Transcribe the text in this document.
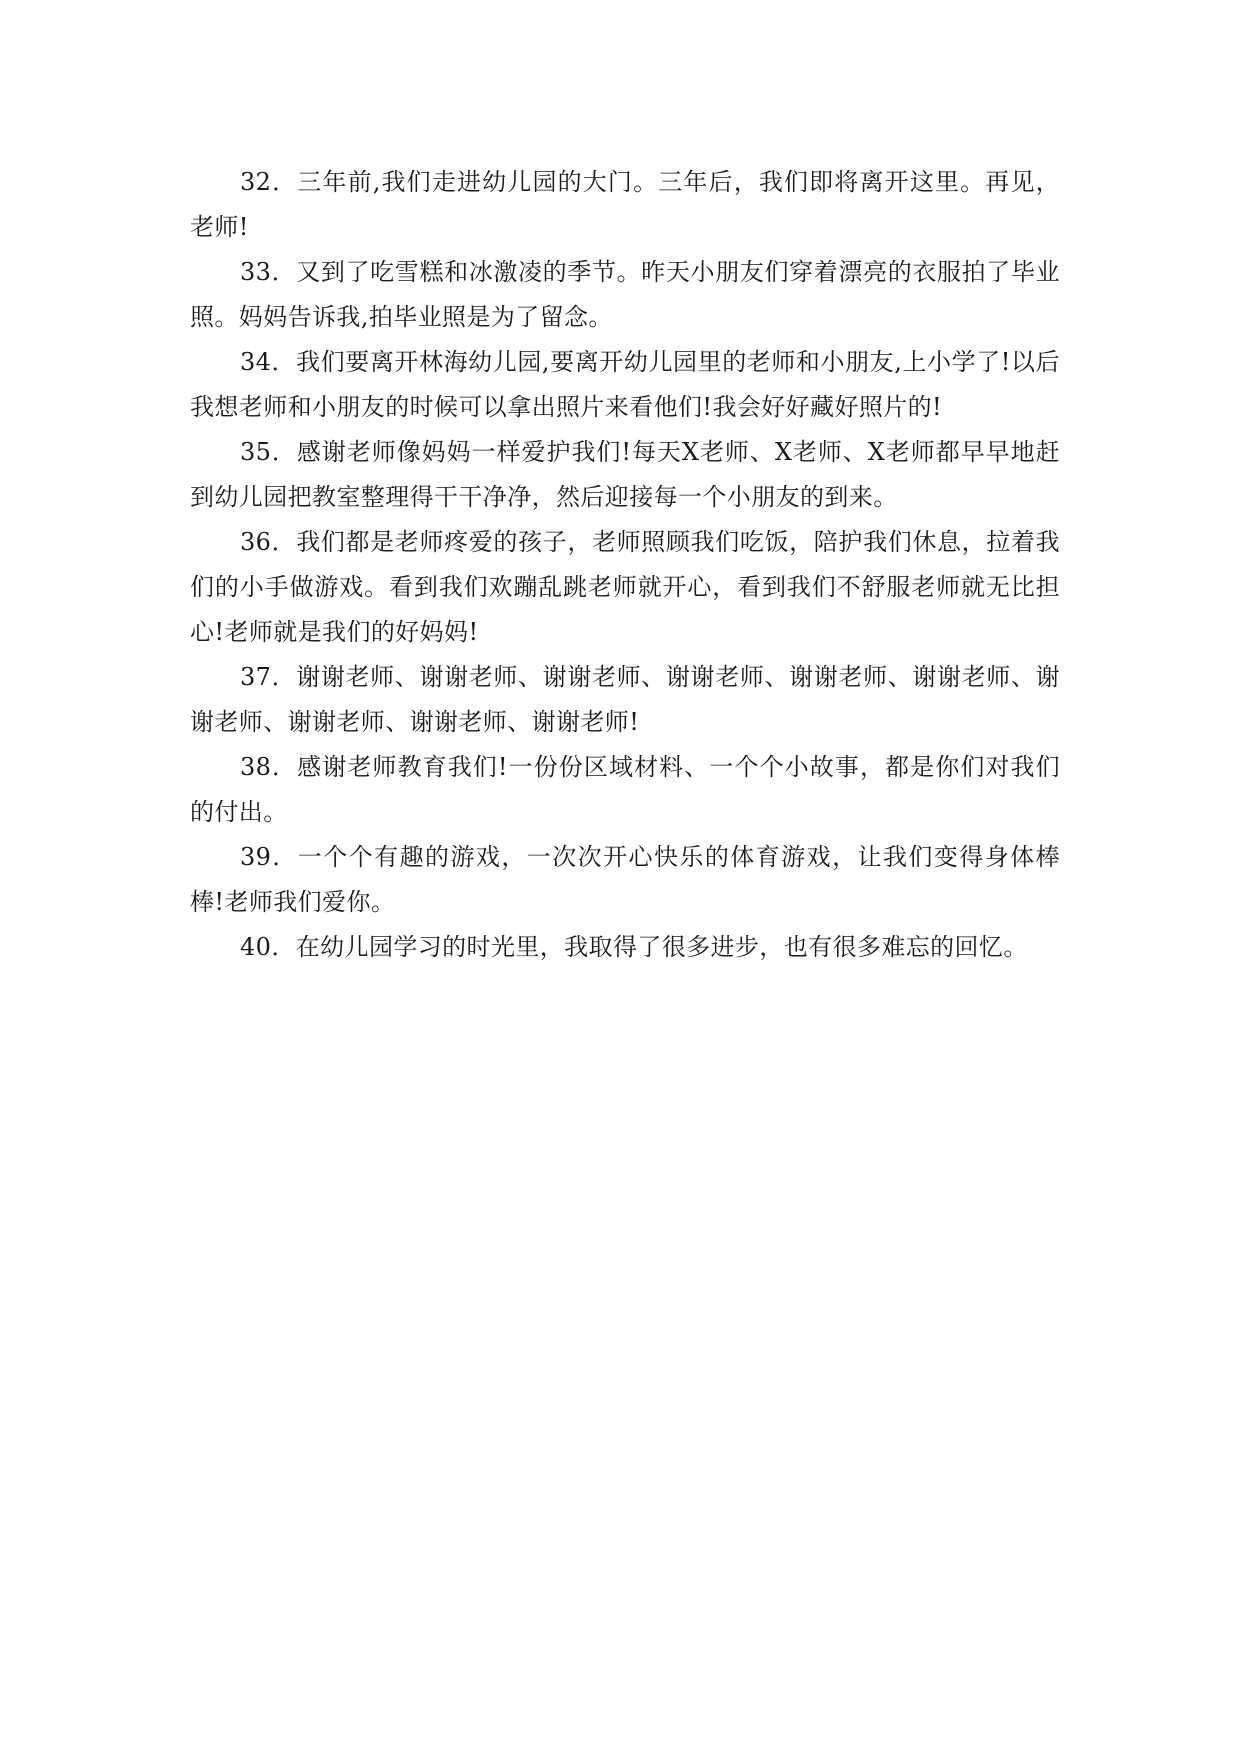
32．三年前,我们走进幼儿园的大门。三年后，我们即将离开这里。再见，老师!

33．又到了吃雪糕和冰激凌的季节。昨天小朋友们穿着漂亮的衣服拍了毕业照。妈妈告诉我,拍毕业照是为了留念。

34．我们要离开林海幼儿园,要离开幼儿园里的老师和小朋友,上小学了!以后我想老师和小朋友的时候可以拿出照片来看他们!我会好好藏好照片的!

35．感谢老师像妈妈一样爱护我们!每天X老师、X老师、X老师都早早地赶到幼儿园把教室整理得干干净净，然后迎接每一个小朋友的到来。

36．我们都是老师疼爱的孩子，老师照顾我们吃饭，陪护我们休息，拉着我们的小手做游戏。看到我们欢蹦乱跳老师就开心，看到我们不舒服老师就无比担心!老师就是我们的好妈妈!

37．谢谢老师、谢谢老师、谢谢老师、谢谢老师、谢谢老师、谢谢老师、谢谢老师、谢谢老师、谢谢老师、谢谢老师!

38．感谢老师教育我们!一份份区域材料、一个个小故事，都是你们对我们的付出。

39．一个个有趣的游戏，一次次开心快乐的体育游戏，让我们变得身体棒棒!老师我们爱你。

40．在幼儿园学习的时光里，我取得了很多进步，也有很多难忘的回忆。
